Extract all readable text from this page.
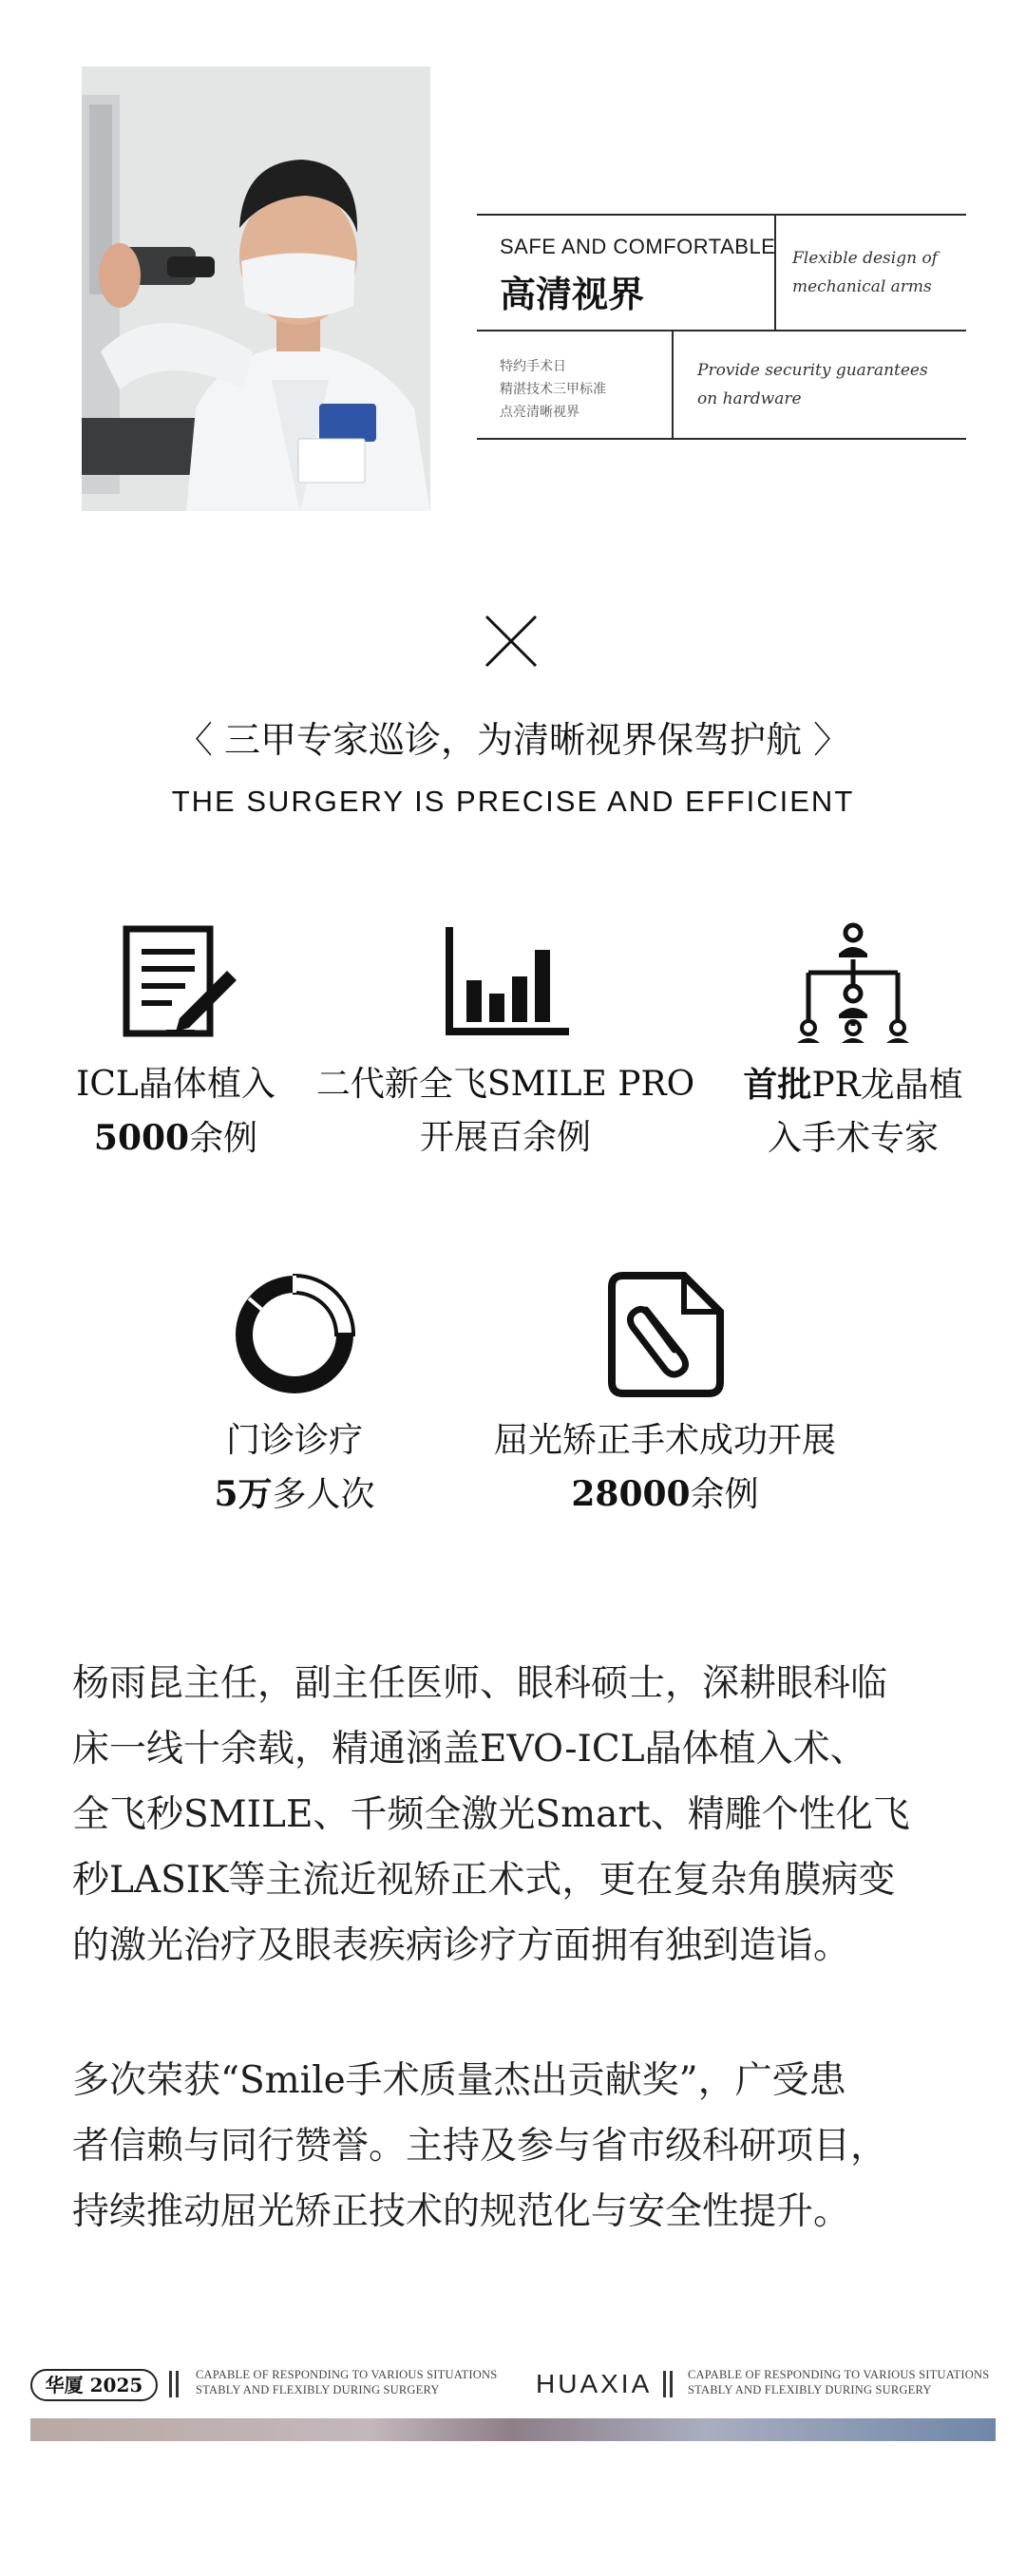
SAFE AND COMFORTABLE
高清视界
Flexible design of
mechanical arms
特约手术日
精湛技术三甲标准
点亮清晰视界
Provide security guarantees
on hardware
〈 三甲专家巡诊，为清晰视界保驾护航 〉
THE SURGERY IS PRECISE AND EFFICIENT
ICL晶体植入
5000余例
二代新全飞SMILE PRO
开展百余例
首批PR龙晶植
入手术专家
门诊诊疗
5万多人次
屈光矫正手术成功开展
28000余例
杨雨昆主任，副主任医师、眼科硕士，深耕眼科临
床一线十余载，精通涵盖EVO-ICL晶体植入术、
全飞秒SMILE、千频全激光Smart、精雕个性化飞
秒LASIK等主流近视矫正术式，更在复杂角膜病变
的激光治疗及眼表疾病诊疗方面拥有独到造诣。
多次荣获“Smile手术质量杰出贡献奖”，广受患
者信赖与同行赞誉。主持及参与省市级科研项目，
持续推动屈光矫正技术的规范化与安全性提升。
华厦 2025	CAPABLE OF RESPONDING TO VARIOUS SITUATIONS
STABLY AND FLEXIBLY DURING SURGERY	HUAXIA	CAPABLE OF RESPONDING TO VARIOUS SITUATIONS
STABLY AND FLEXIBLY DURING SURGERY
